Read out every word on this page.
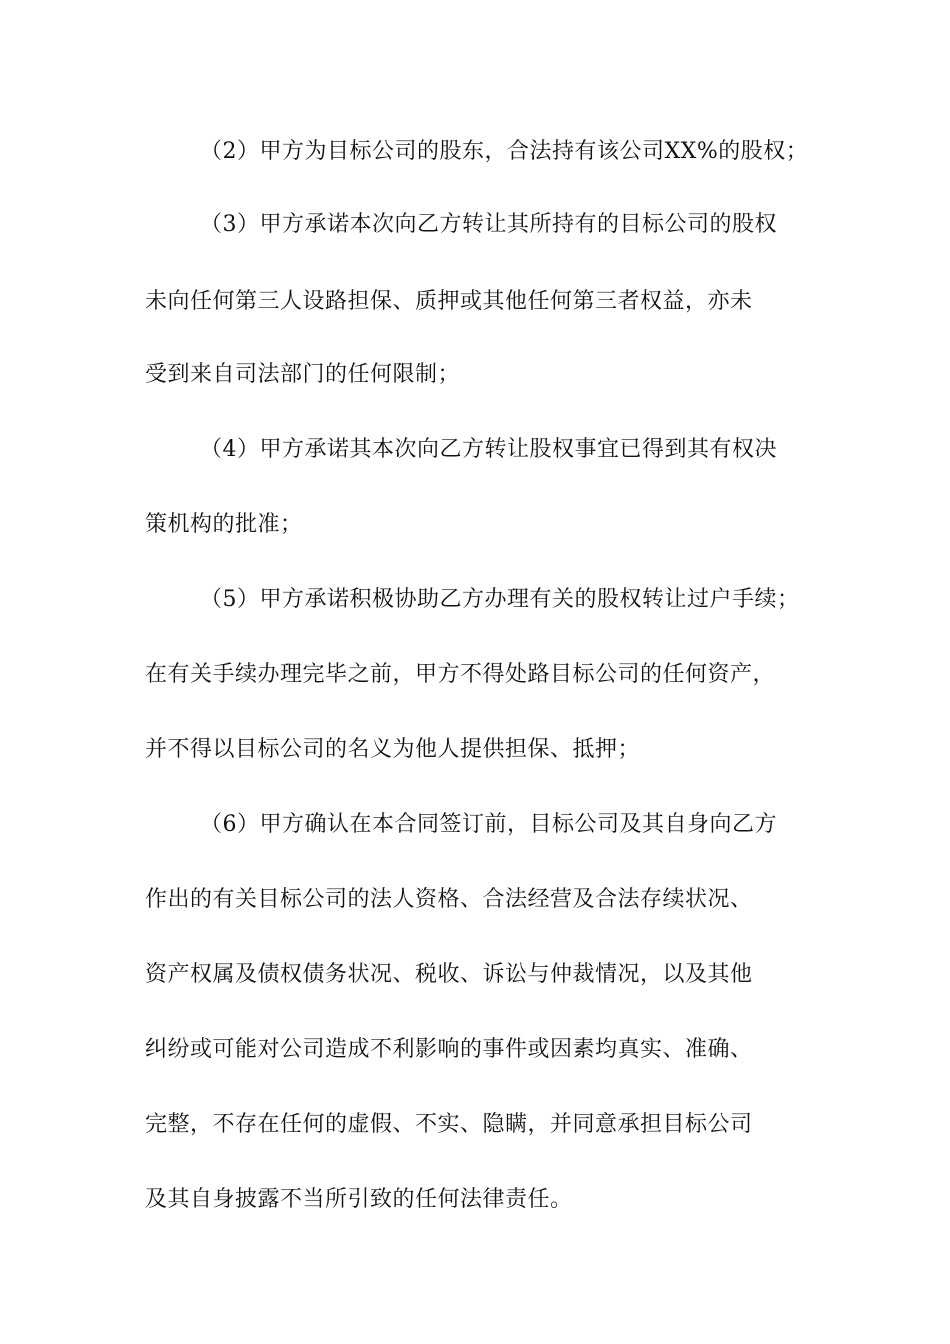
（2）甲方为目标公司的股东，合法持有该公司XX%的股权；
（3）甲方承诺本次向乙方转让其所持有的目标公司的股权
未向任何第三人设路担保、质押或其他任何第三者权益，亦未
受到来自司法部门的任何限制；
（4）甲方承诺其本次向乙方转让股权事宜已得到其有权决
策机构的批准；
（5）甲方承诺积极协助乙方办理有关的股权转让过户手续；
在有关手续办理完毕之前，甲方不得处路目标公司的任何资产，
并不得以目标公司的名义为他人提供担保、抵押；
（6）甲方确认在本合同签订前，目标公司及其自身向乙方
作出的有关目标公司的法人资格、合法经营及合法存续状况、
资产权属及债权债务状况、税收、诉讼与仲裁情况，以及其他
纠纷或可能对公司造成不利影响的事件或因素均真实、准确、
完整，不存在任何的虚假、不实、隐瞒，并同意承担目标公司
及其自身披露不当所引致的任何法律责任。
